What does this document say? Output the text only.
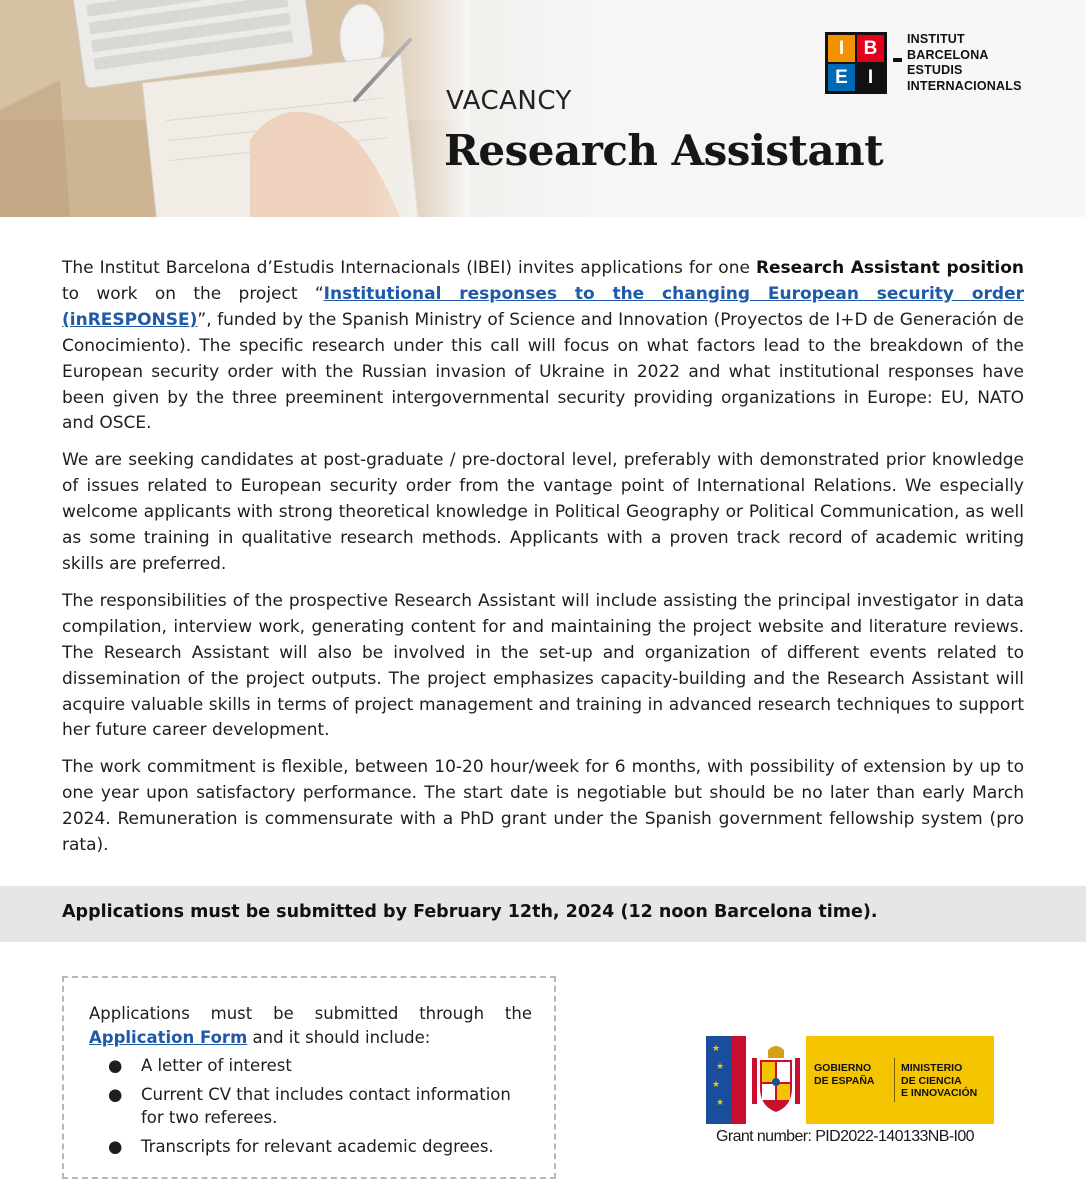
VACANCY
Research Assistant
I	B
E	I
INSTITUT
BARCELONA
ESTUDIS
INTERNACIONALS

The Institut Barcelona d’Estudis Internacionals (IBEI) invites applications for one Research Assistant position to work on the project “Institutional responses to the changing European security order (inRESPONSE)”, funded by the Spanish Ministry of Science and Innovation (Proyectos de I+D de Generación de Conocimiento). The specific research under this call will focus on what factors lead to the breakdown of the European security order with the Russian invasion of Ukraine in 2022 and what institutional responses have been given by the three preeminent intergovernmental security providing organizations in Europe: EU, NATO and OSCE.

We are seeking candidates at post-graduate / pre-doctoral level, preferably with demonstrated prior knowledge of issues related to European security order from the vantage point of International Relations. We especially welcome applicants with strong theoretical knowledge in Political Geography or Political Communication, as well as some training in qualitative research methods. Applicants with a proven track record of academic writing skills are preferred.

The responsibilities of the prospective Research Assistant will include assisting the principal investigator in data compilation, interview work, generating content for and maintaining the project website and literature reviews. The Research Assistant will also be involved in the set-up and organization of different events related to dissemination of the project outputs. The project emphasizes capacity-building and the Research Assistant will acquire valuable skills in terms of project management and training in advanced research techniques to support her future career development.

The work commitment is flexible, between 10-20 hour/week for 6 months, with possibility of extension by up to one year upon satisfactory performance. The start date is negotiable but should be no later than early March 2024. Remuneration is commensurate with a PhD grant under the Spanish government fellowship system (pro rata).

Applications must be submitted by February 12th, 2024 (12 noon Barcelona time).

Applications must be submitted through the Application Form and it should include:

● A letter of interest
● Current CV that includes contact information for two referees.
● Transcripts for relevant academic degrees.
★
★
★
★
GOBIERNO
DE ESPAÑA
MINISTERIO
DE CIENCIA
E INNOVACIÓN
Grant number: PID2022-140133NB-I00
